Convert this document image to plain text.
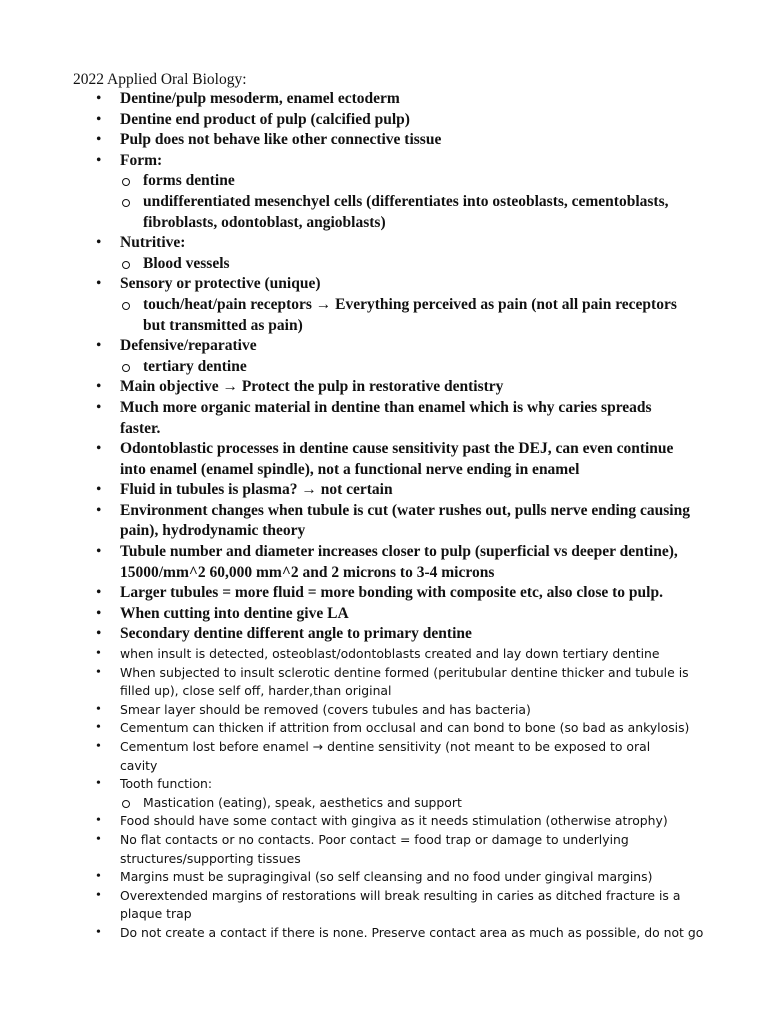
2022 Applied Oral Biology:
• Dentine/pulp mesoderm, enamel ectoderm
• Dentine end product of pulp (calcified pulp)
• Pulp does not behave like other connective tissue
• Form:
forms dentine
undifferentiated mesenchyel cells (differentiates into osteoblasts, cementoblasts, fibroblasts, odontoblast, angioblasts)
• Nutritive:
Blood vessels
• Sensory or protective (unique)
touch/heat/pain receptors → Everything perceived as pain (not all pain receptors but transmitted as pain)
• Defensive/reparative
tertiary dentine
• Main objective → Protect the pulp in restorative dentistry
• Much more organic material in dentine than enamel which is why caries spreads faster.
• Odontoblastic processes in dentine cause sensitivity past the DEJ, can even continue into enamel (enamel spindle), not a functional nerve ending in enamel
• Fluid in tubules is plasma? → not certain
• Environment changes when tubule is cut (water rushes out, pulls nerve ending causing pain), hydrodynamic theory
• Tubule number and diameter increases closer to pulp (superficial vs deeper dentine), 15000/mm^2 60,000 mm^2 and 2 microns to 3-4 microns
• Larger tubules = more fluid = more bonding with composite etc, also close to pulp.
• When cutting into dentine give LA
• Secondary dentine different angle to primary dentine
• when insult is detected, osteoblast/odontoblasts created and lay down tertiary dentine
• When subjected to insult sclerotic dentine formed (peritubular dentine thicker and tubule is filled up), close self off, harder,than original
• Smear layer should be removed (covers tubules and has bacteria)
• Cementum can thicken if attrition from occlusal and can bond to bone (so bad as ankylosis)
• Cementum lost before enamel → dentine sensitivity (not meant to be exposed to oral cavity
• Tooth function:
Mastication (eating), speak, aesthetics and support
• Food should have some contact with gingiva as it needs stimulation (otherwise atrophy)
• No flat contacts or no contacts. Poor contact = food trap or damage to underlying structures/supporting tissues
• Margins must be supragingival (so self cleansing and no food under gingival margins)
• Overextended margins of restorations will break resulting in caries as ditched fracture is a plaque trap
• Do not create a contact if there is none. Preserve contact area as much as possible, do not go
